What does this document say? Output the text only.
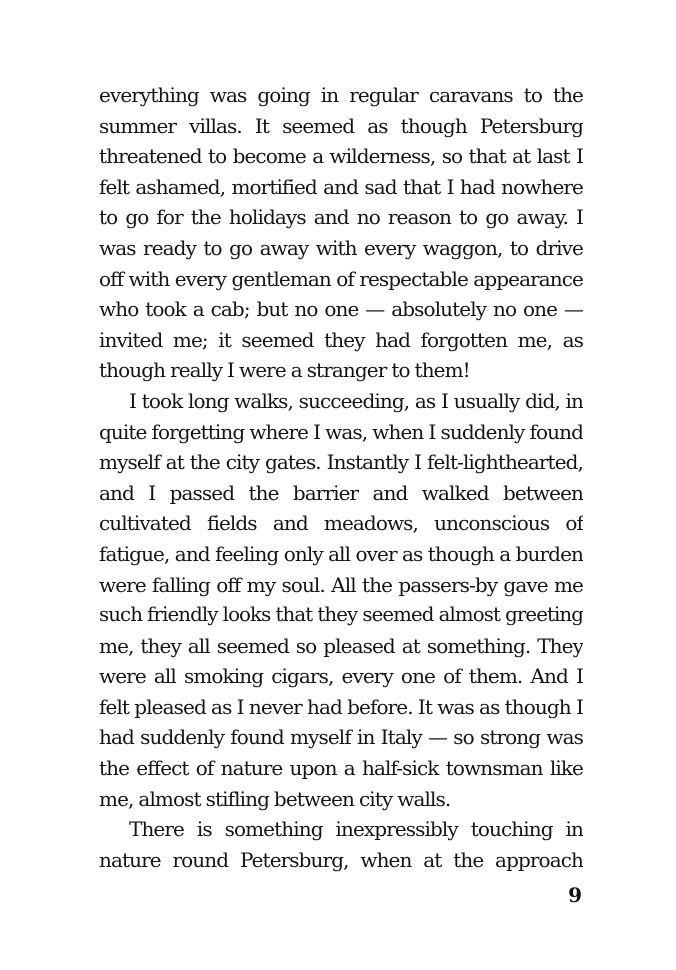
everything was going in regular caravans to the
summer villas. It seemed as though Petersburg
threatened to become a wilderness, so that at last I
felt ashamed, mortified and sad that I had nowhere
to go for the holidays and no reason to go away. I
was ready to go away with every waggon, to drive
off with every gentleman of respectable appearance
who took a cab; but no one — absolutely no one —
invited me; it seemed they had forgotten me, as
though really I were a stranger to them!
I took long walks, succeeding, as I usually did, in
quite forgetting where I was, when I suddenly found
myself at the city gates. Instantly I felt-lighthearted,
and I passed the barrier and walked between
cultivated fields and meadows, unconscious of
fatigue, and feeling only all over as though a burden
were falling off my soul. All the passers-by gave me
such friendly looks that they seemed almost greeting
me, they all seemed so pleased at something. They
were all smoking cigars, every one of them. And I
felt pleased as I never had before. It was as though I
had suddenly found myself in Italy — so strong was
the effect of nature upon a half-sick townsman like
me, almost stifling between city walls.
There is something inexpressibly touching in
nature round Petersburg, when at the approach
9
